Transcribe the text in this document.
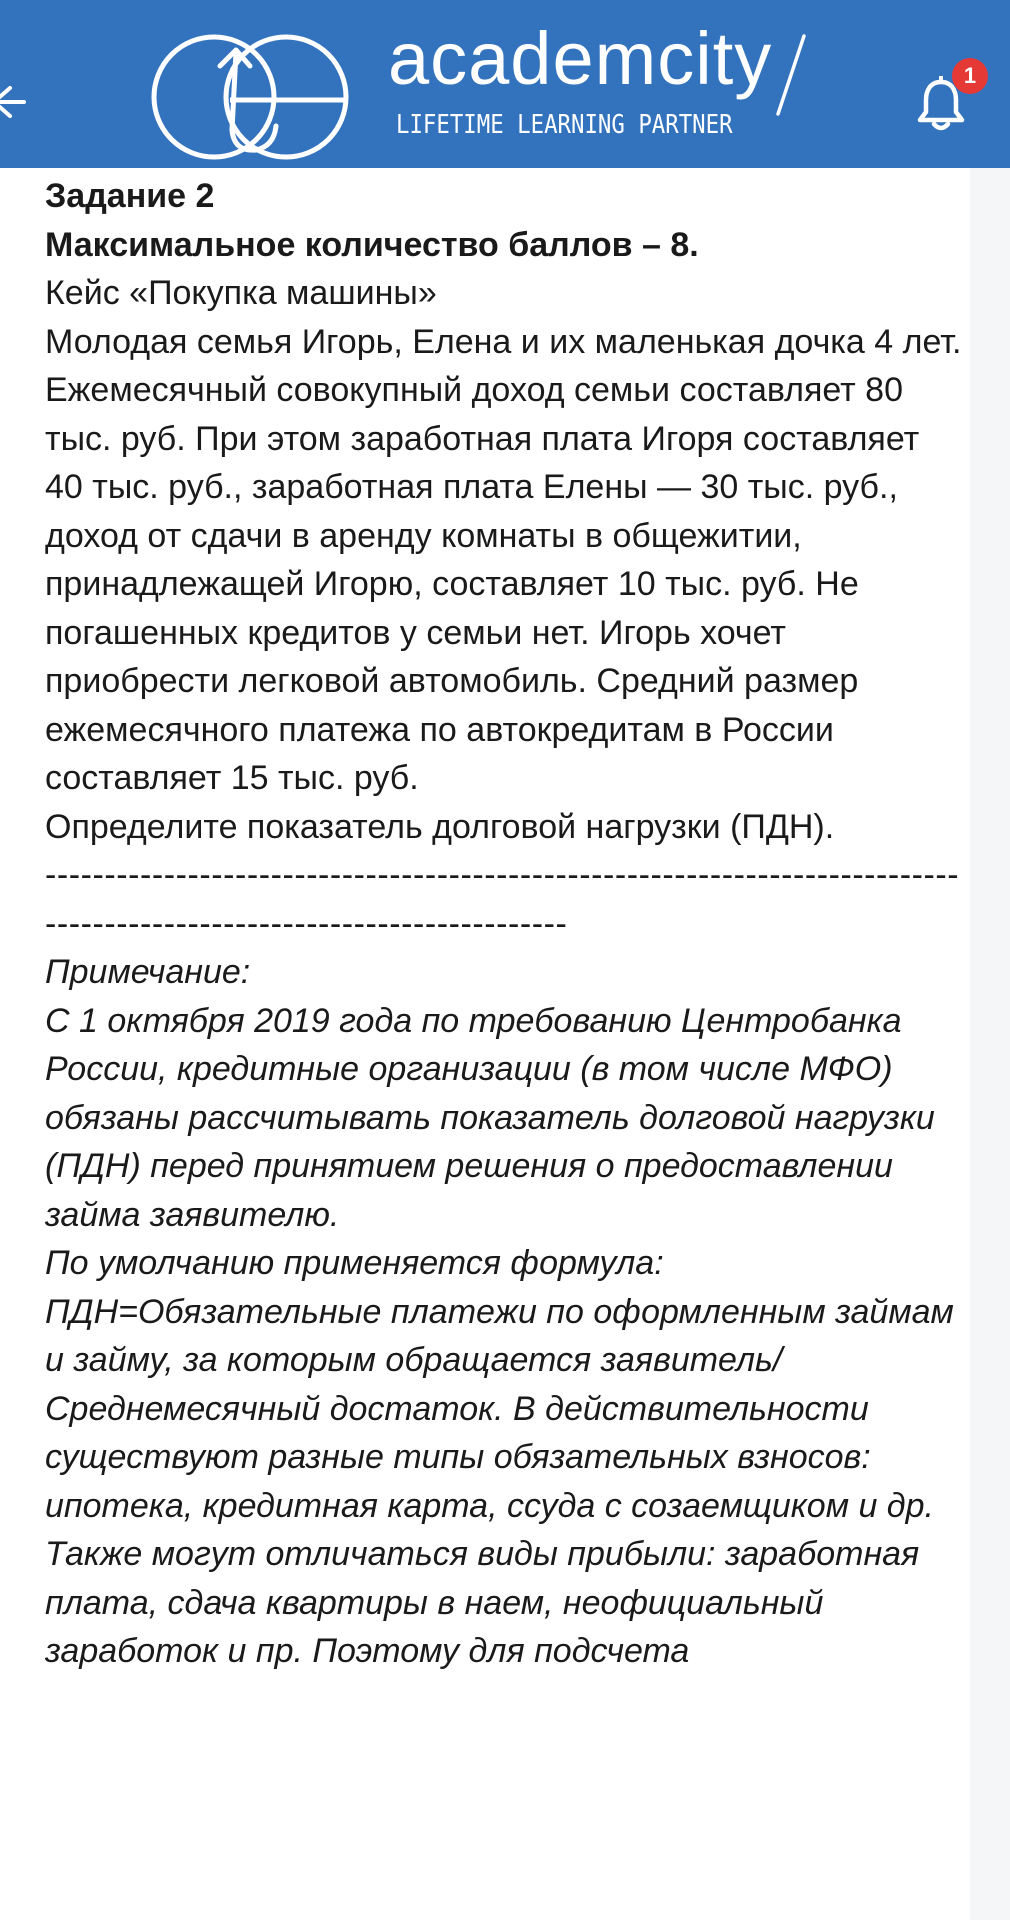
academcity
LIFETIME LEARNING PARTNER
1

Задание 2

Максимальное количество баллов – 8.

Кейс «Покупка машины»

Молодая семья Игорь, Елена и их маленькая дочка 4 лет. Ежемесячный совокупный доход семьи составляет 80 тыс. руб. При этом заработная плата Игоря составляет 40 тыс. руб., заработная плата Елены — 30 тыс. руб., доход от сдачи в аренду комнаты в общежитии, принадлежащей Игорю, составляет 10 тыс. руб. Не погашенных кредитов у семьи нет. Игорь хочет приобрести легковой автомобиль. Средний размер ежемесячного платежа по автокредитам в России составляет 15 тыс. руб.

Определите показатель долговой нагрузки (ПДН).

-------------------------------------------------------------------------------------------------------------------------

Примечание:

С 1 октября 2019 года по требованию Центробанка России, кредитные организации (в том числе МФО) обязаны рассчитывать показатель долговой нагрузки (ПДН) перед принятием решения о предоставлении займа заявителю.

По умолчанию применяется формула: ПДН=Обязательные платежи по оформленным займам и займу, за которым обращается заявитель/Среднемесячный достаток. В действительности существуют разные типы обязательных взносов: ипотека, кредитная карта, ссуда с созаемщиком и др. Также могут отличаться виды прибыли: заработная плата, сдача квартиры в наем, неофициальный заработок и пр. Поэтому для подсчета
